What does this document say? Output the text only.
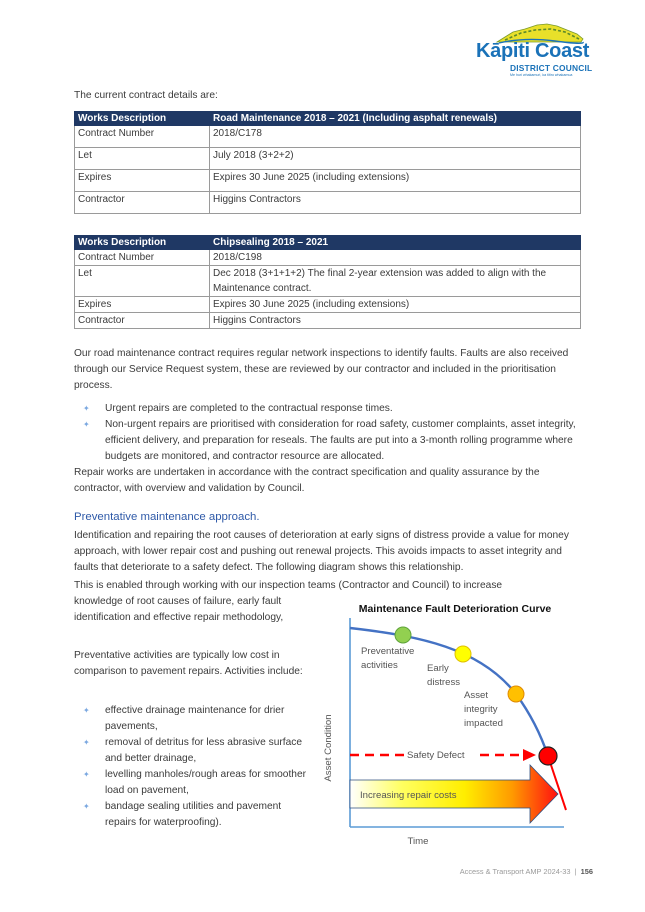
Kāpiti Coast
DISTRICT COUNCIL
Me huri whakamuri, ka titiro whakamua
The current contract details are:
Works Description	Road Maintenance 2018 – 2021 (Including asphalt renewals)
Contract Number	2018/C178
Let	July 2018 (3+2+2)
Expires	Expires 30 June 2025 (including extensions)
Contractor	Higgins Contractors
Works Description	Chipsealing 2018 – 2021
Contract Number	2018/C198
Let	Dec 2018 (3+1+1+2) The final 2-year extension was added to align with the Maintenance contract.
Expires	Expires 30 June 2025 (including extensions)
Contractor	Higgins Contractors
Our road maintenance contract requires regular network inspections to identify faults. Faults are also received through our Service Request system, these are reviewed by our contractor and included in the prioritisation process.
✦ Urgent repairs are completed to the contractual response times.
✦ Non-urgent repairs are prioritised with consideration for road safety, customer complaints, asset integrity, efficient delivery, and preparation for reseals. The faults are put into a 3-month rolling programme where budgets are monitored, and contractor resource are allocated.
Repair works are undertaken in accordance with the contract specification and quality assurance by the contractor, with overview and validation by Council.
Preventative maintenance approach.
Identification and repairing the root causes of deterioration at early signs of distress provide a value for money approach, with lower repair cost and pushing out renewal projects. This avoids impacts to asset integrity and faults that deteriorate to a safety defect. The following diagram shows this relationship.
This is enabled through working with our inspection teams (Contractor and Council) to increase
knowledge of root causes of failure, early fault identification and effective repair methodology,
Preventative activities are typically low cost in comparison to pavement repairs. Activities include:
✦ effective drainage maintenance for drier pavements,
✦ removal of detritus for less abrasive surface and better drainage,
✦ levelling manholes/rough areas for smoother load on pavement,
✦ bandage sealing utilities and pavement repairs for waterproofing).
Maintenance Fault Deterioration Curve
Increasing repair costs
Safety Defect
Preventative activities	Early distress
Asset integrity impacted
Asset Condition
Time
Access & Transport AMP 2024-33 | 156
